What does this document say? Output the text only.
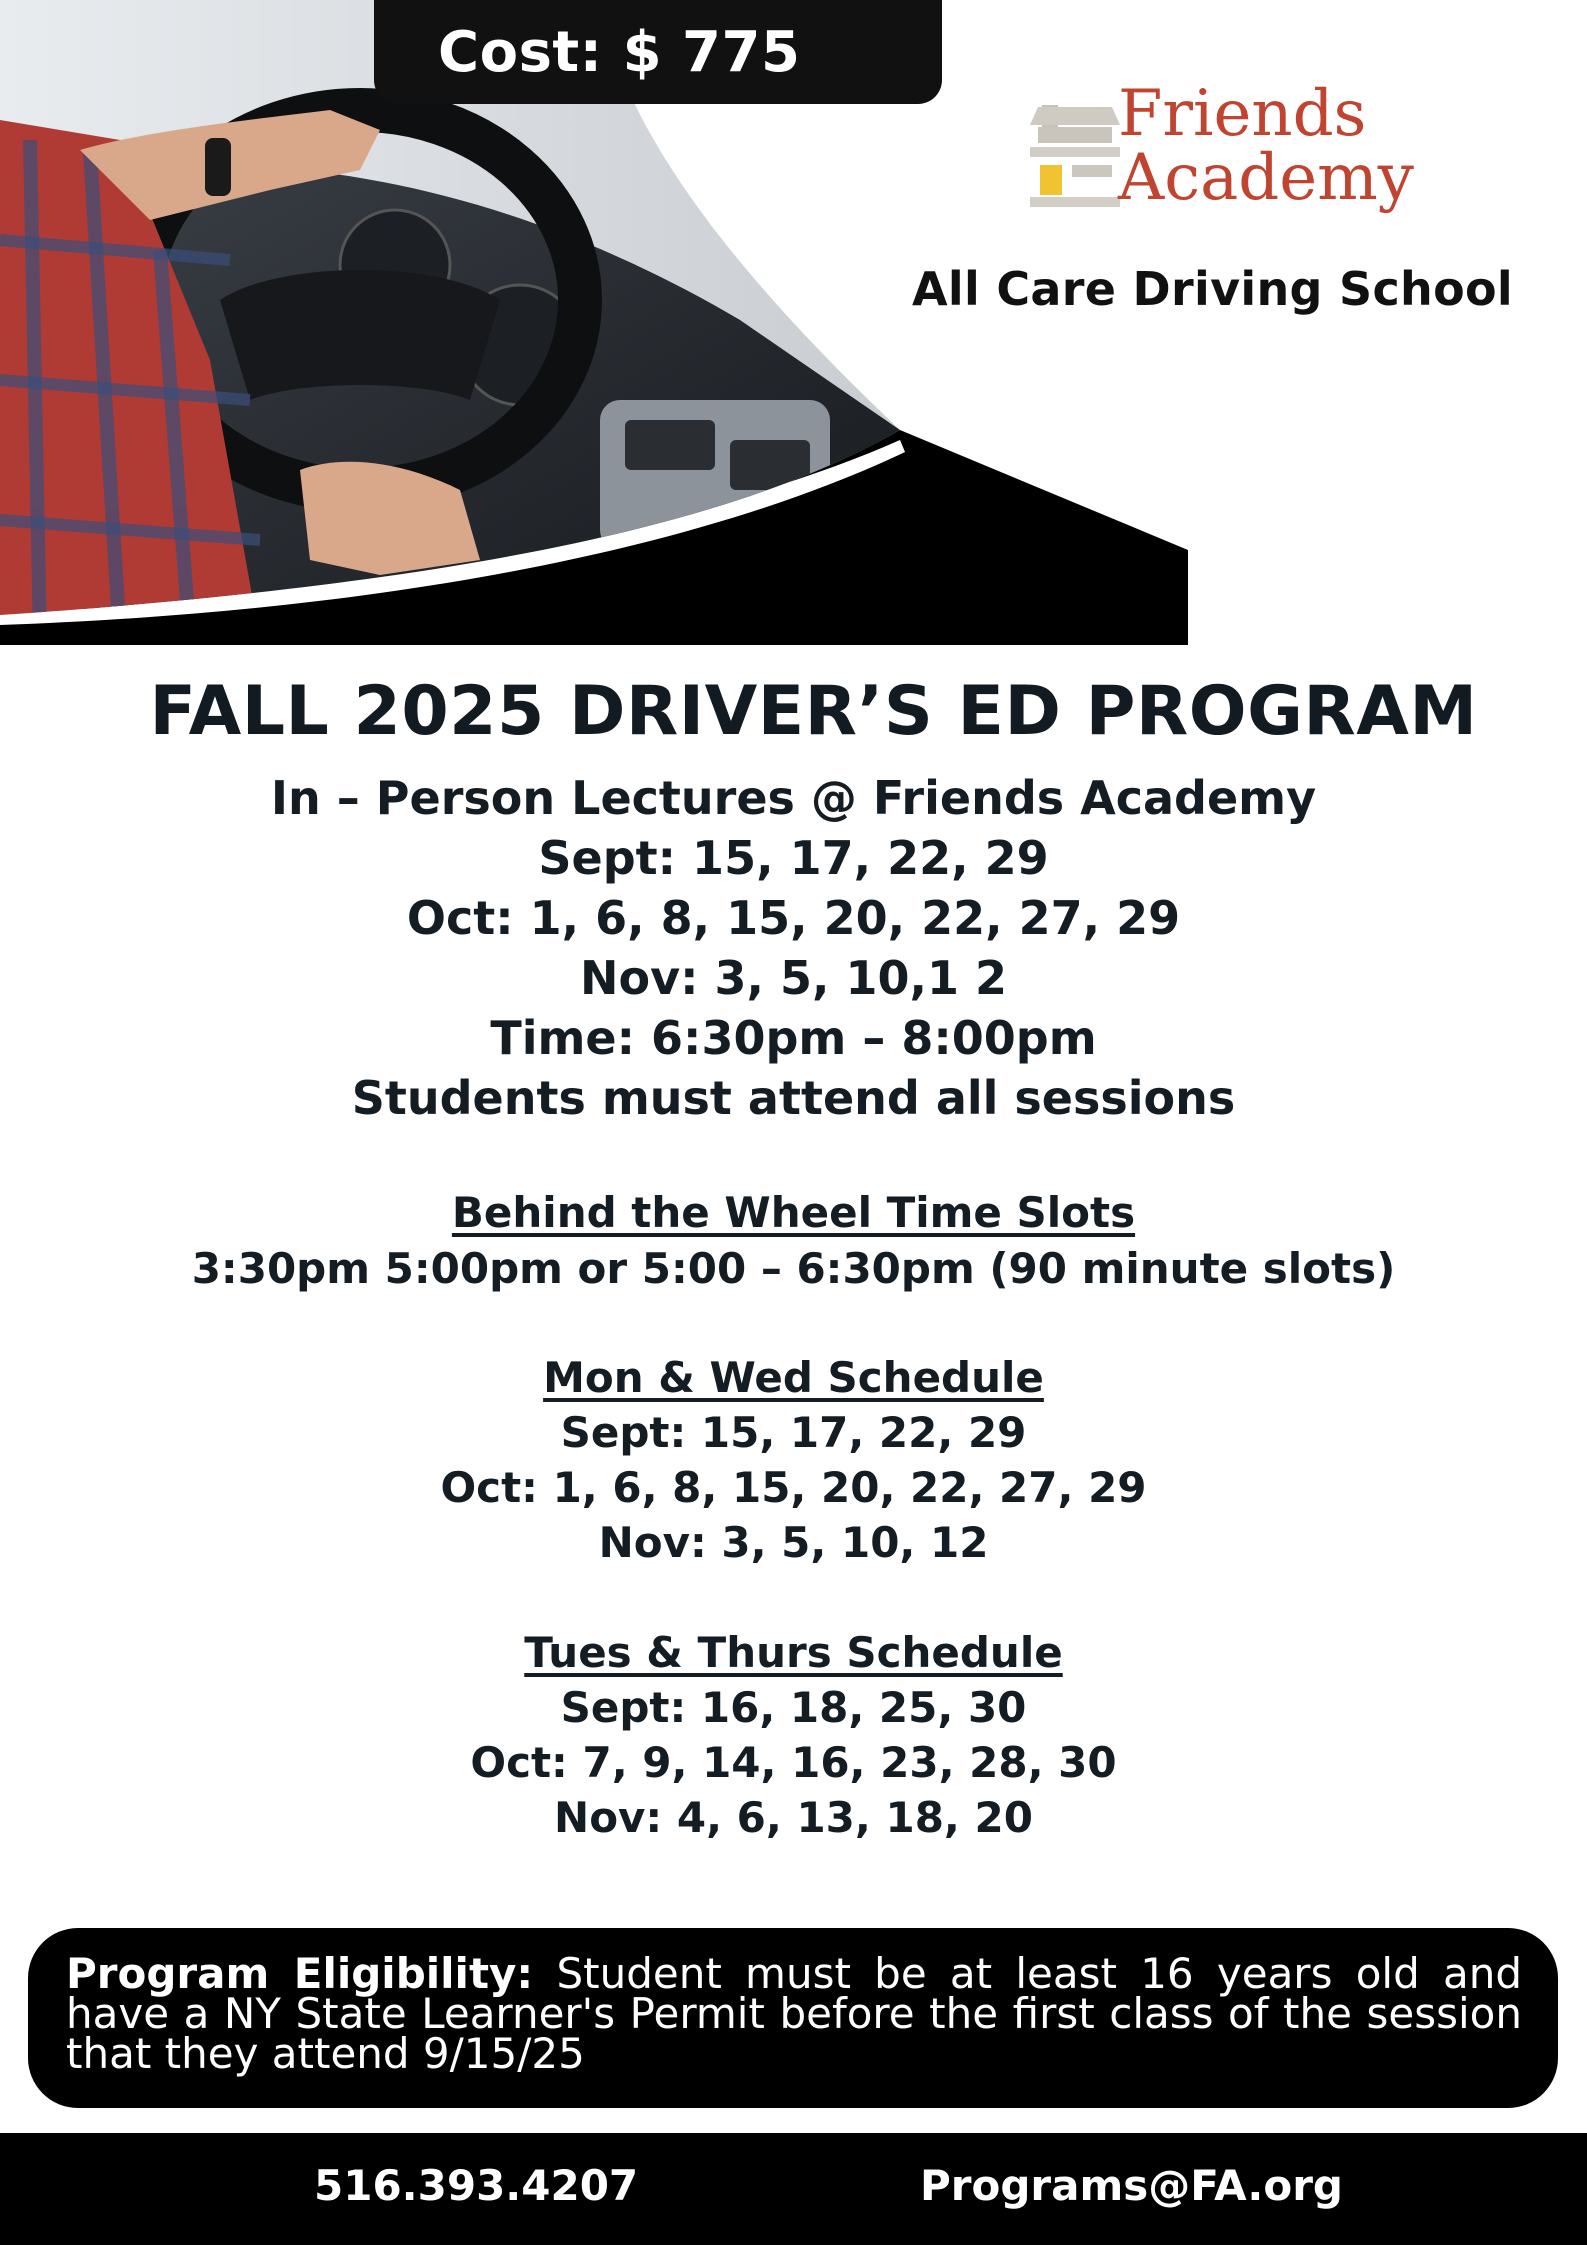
Cost: $ 775
Friends
Academy
All Care Driving School
FALL 2025 DRIVER’S ED PROGRAM
In – Person Lectures @ Friends Academy
Sept: 15, 17, 22, 29
Oct: 1, 6, 8, 15, 20, 22, 27, 29
Nov: 3, 5, 10,1 2
Time: 6:30pm – 8:00pm
Students must attend all sessions
Behind the Wheel Time Slots
3:30pm 5:00pm or 5:00 – 6:30pm (90 minute slots)
Mon & Wed Schedule
Sept: 15, 17, 22, 29
Oct: 1, 6, 8, 15, 20, 22, 27, 29
Nov: 3, 5, 10, 12
Tues & Thurs Schedule
Sept: 16, 18, 25, 30
Oct: 7, 9, 14, 16, 23, 28, 30
Nov: 4, 6, 13, 18, 20
Program Eligibility: Student must be at least 16 years old and have a NY State Learner's Permit before the first class of the session that they attend 9/15/25
516.393.4207	Programs@FA.org
